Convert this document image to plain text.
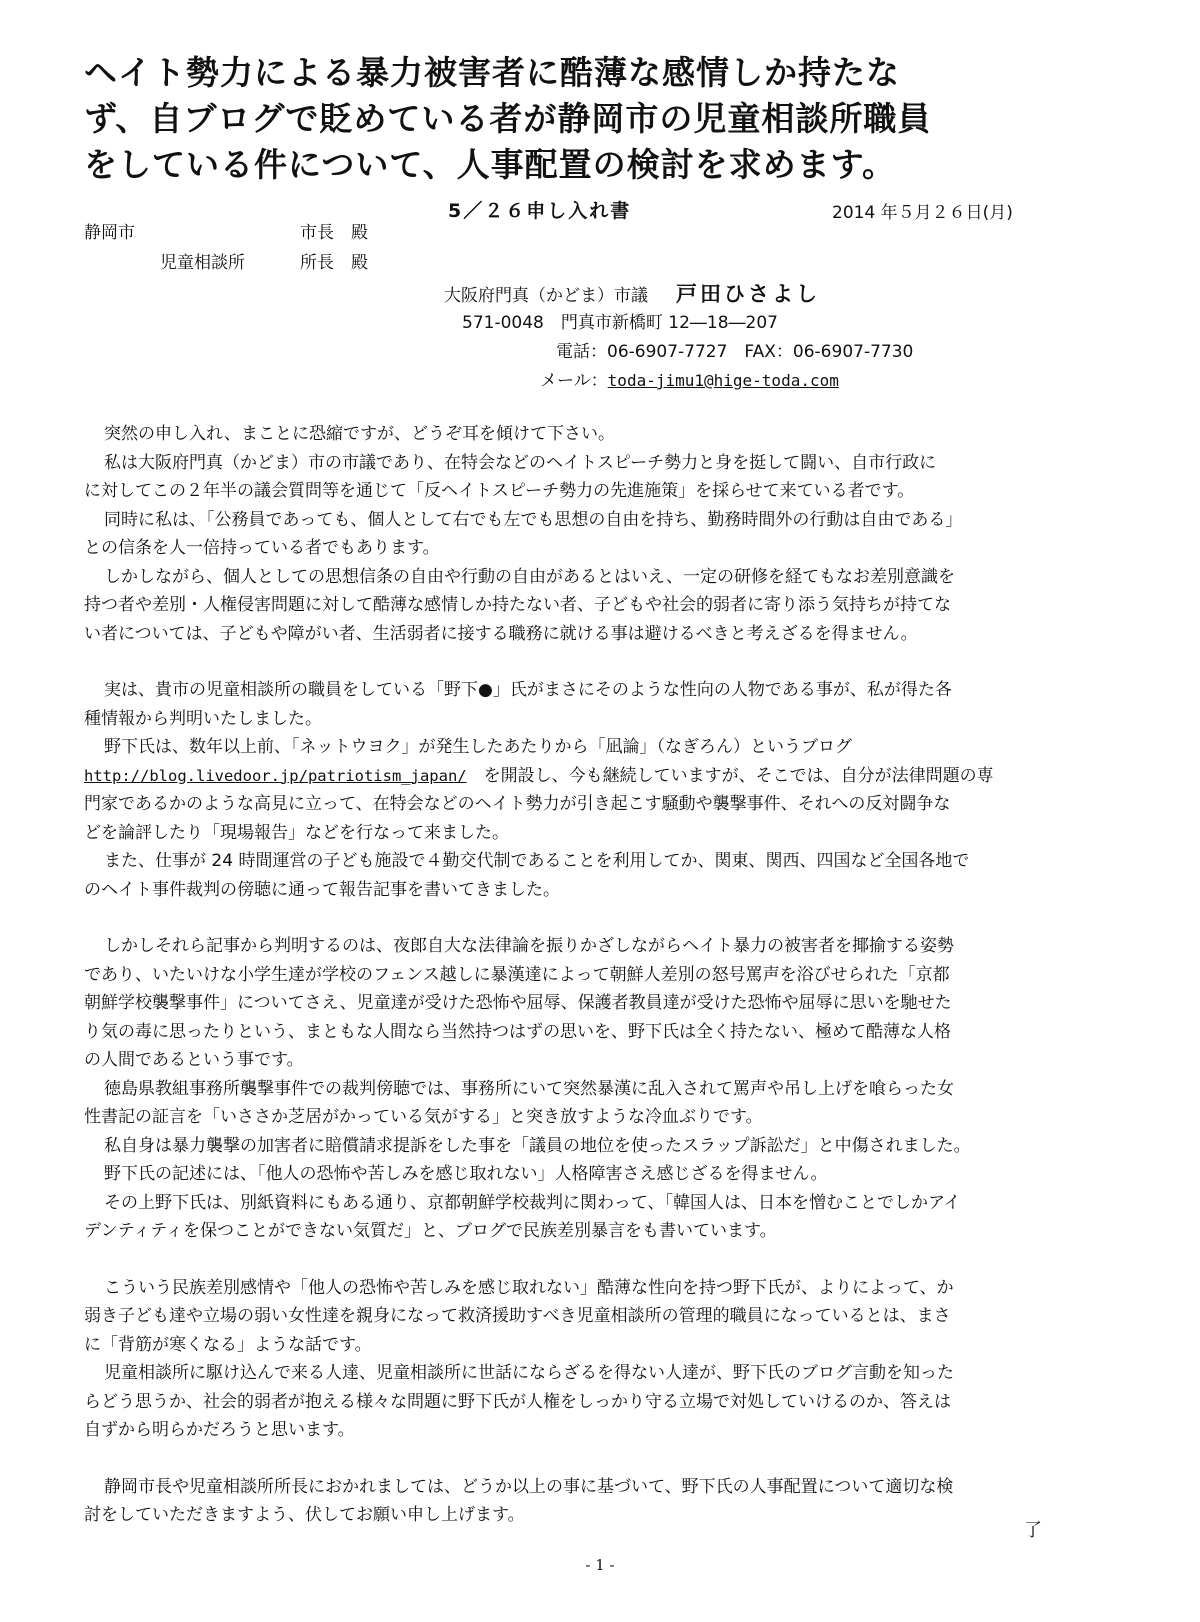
ヘイト勢力による暴力被害者に酷薄な感情しか持たな
ず、自ブログで貶めている者が静岡市の児童相談所職員
をしている件について、人事配置の検討を求めます。
5／２６申し入れ書	2014 年５月２６日(月)
静岡市	市長　殿
児童相談所	所長　殿
大阪府門真（かどま）市議 戸田ひさよし
571-0048　門真市新橋町 12―18―207
電話：06-6907-7727　FAX：06-6907-7730
メール：toda-jimu1@hige-toda.com
突然の申し入れ、まことに恐縮ですが、どうぞ耳を傾けて下さい。
私は大阪府門真（かどま）市の市議であり、在特会などのヘイトスピーチ勢力と身を挺して闘い、自市行政に
に対してこの２年半の議会質問等を通じて「反ヘイトスピーチ勢力の先進施策」を採らせて来ている者です。
同時に私は、「公務員であっても、個人として右でも左でも思想の自由を持ち、勤務時間外の行動は自由である」
との信条を人一倍持っている者でもあります。
しかしながら、個人としての思想信条の自由や行動の自由があるとはいえ、一定の研修を経てもなお差別意識を
持つ者や差別・人権侵害問題に対して酷薄な感情しか持たない者、子どもや社会的弱者に寄り添う気持ちが持てな
い者については、子どもや障がい者、生活弱者に接する職務に就ける事は避けるべきと考えざるを得ません。
実は、貴市の児童相談所の職員をしている「野下●」氏がまさにそのような性向の人物である事が、私が得た各
種情報から判明いたしました。
野下氏は、数年以上前、「ネットウヨク」が発生したあたりから「凪論」（なぎろん）というブログ
http://blog.livedoor.jp/patriotism_japan/　を開設し、今も継続していますが、そこでは、自分が法律問題の専
門家であるかのような高見に立って、在特会などのヘイト勢力が引き起こす騒動や襲撃事件、それへの反対闘争な
どを論評したり「現場報告」などを行なって来ました。
また、仕事が 24 時間運営の子ども施設で４勤交代制であることを利用してか、関東、関西、四国など全国各地で
のヘイト事件裁判の傍聴に通って報告記事を書いてきました。
しかしそれら記事から判明するのは、夜郎自大な法律論を振りかざしながらヘイト暴力の被害者を揶揄する姿勢
であり、いたいけな小学生達が学校のフェンス越しに暴漢達によって朝鮮人差別の怒号罵声を浴びせられた「京都
朝鮮学校襲撃事件」についてさえ、児童達が受けた恐怖や屈辱、保護者教員達が受けた恐怖や屈辱に思いを馳せた
り気の毒に思ったりという、まともな人間なら当然持つはずの思いを、野下氏は全く持たない、極めて酷薄な人格
の人間であるという事です。
徳島県教組事務所襲撃事件での裁判傍聴では、事務所にいて突然暴漢に乱入されて罵声や吊し上げを喰らった女
性書記の証言を「いささか芝居がかっている気がする」と突き放すような冷血ぶりです。
私自身は暴力襲撃の加害者に賠償請求提訴をした事を「議員の地位を使ったスラップ訴訟だ」と中傷されました。
野下氏の記述には、「他人の恐怖や苦しみを感じ取れない」人格障害さえ感じざるを得ません。
その上野下氏は、別紙資料にもある通り、京都朝鮮学校裁判に関わって、「韓国人は、日本を憎むことでしかアイ
デンティティを保つことができない気質だ」と、ブログで民族差別暴言をも書いています。
こういう民族差別感情や「他人の恐怖や苦しみを感じ取れない」酷薄な性向を持つ野下氏が、よりによって、か
弱き子ども達や立場の弱い女性達を親身になって救済援助すべき児童相談所の管理的職員になっているとは、まさ
に「背筋が寒くなる」ような話です。
児童相談所に駆け込んで来る人達、児童相談所に世話にならざるを得ない人達が、野下氏のブログ言動を知った
らどう思うか、社会的弱者が抱える様々な問題に野下氏が人権をしっかり守る立場で対処していけるのか、答えは
自ずから明らかだろうと思います。
静岡市長や児童相談所所長におかれましては、どうか以上の事に基づいて、野下氏の人事配置について適切な検
討をしていただきますよう、伏してお願い申し上げます。
了
- 1 -
